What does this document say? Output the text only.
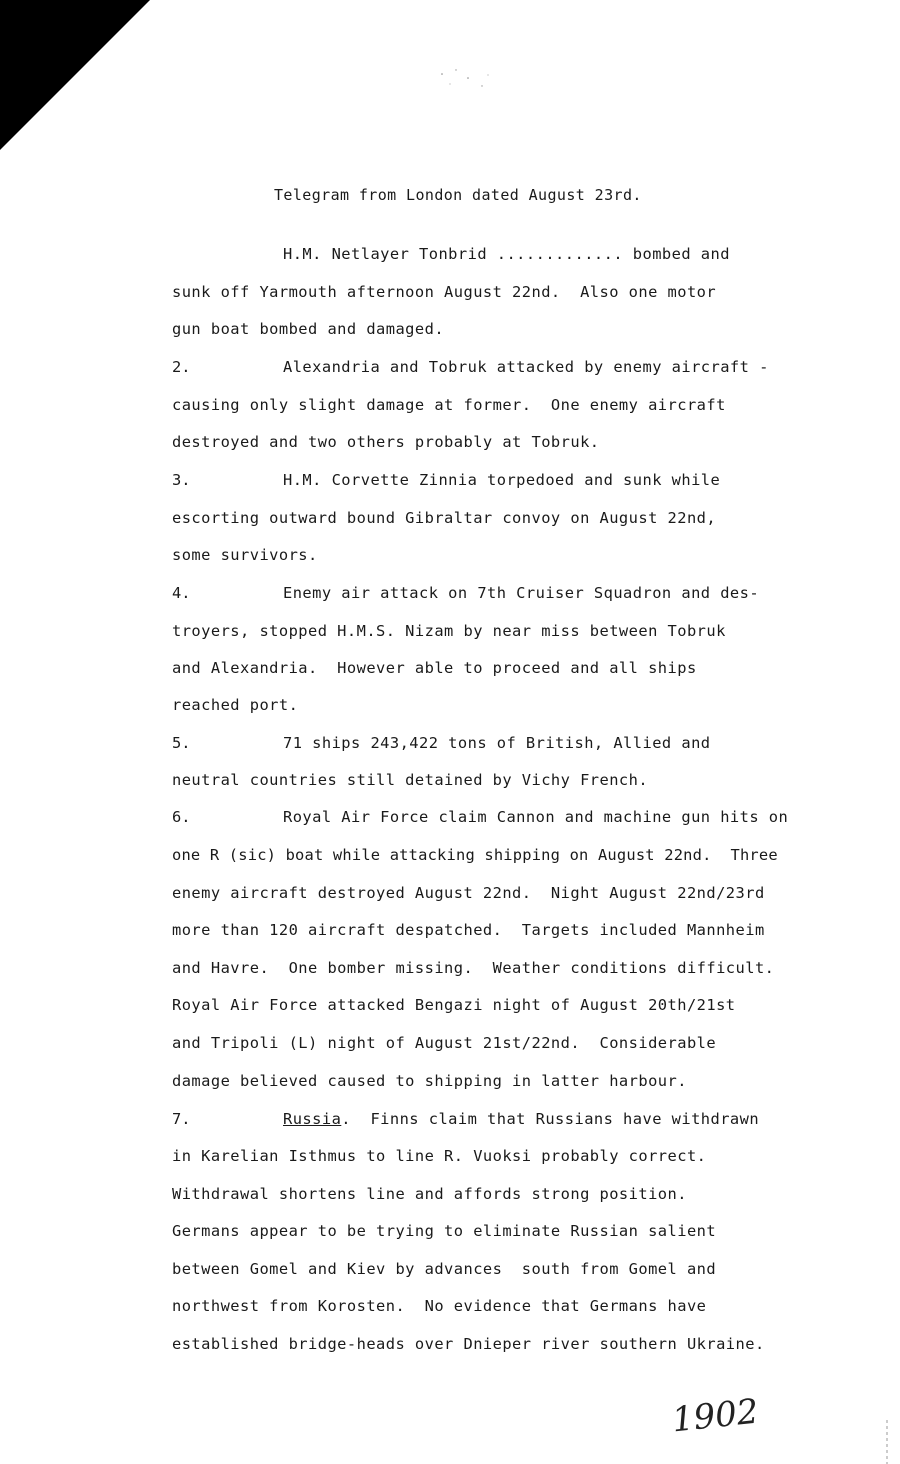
Telegram from London dated August 23rd.
H.M. Netlayer Tonbrid ............. bombed and
sunk off Yarmouth afternoon August 22nd.  Also one motor
gun boat bombed and damaged.
2.	Alexandria and Tobruk attacked by enemy aircraft -
causing only slight damage at former.  One enemy aircraft
destroyed and two others probably at Tobruk.
3.	H.M. Corvette Zinnia torpedoed and sunk while
escorting outward bound Gibraltar convoy on August 22nd,
some survivors.
4.	Enemy air attack on 7th Cruiser Squadron and des-
troyers, stopped H.M.S. Nizam by near miss between Tobruk
and Alexandria.  However able to proceed and all ships
reached port.
5.	71 ships 243,422 tons of British, Allied and
neutral countries still detained by Vichy French.
6.	Royal Air Force claim Cannon and machine gun hits on
one R (sic) boat while attacking shipping on August 22nd.  Three
enemy aircraft destroyed August 22nd.  Night August 22nd/23rd
more than 120 aircraft despatched.  Targets included Mannheim
and Havre.  One bomber missing.  Weather conditions difficult.
Royal Air Force attacked Bengazi night of August 20th/21st
and Tripoli (L) night of August 21st/22nd.  Considerable
damage believed caused to shipping in latter harbour.
7.	Russia.  Finns claim that Russians have withdrawn
in Karelian Isthmus to line R. Vuoksi probably correct.
Withdrawal shortens line and affords strong position.
Germans appear to be trying to eliminate Russian salient
between Gomel and Kiev by advances  south from Gomel and
northwest from Korosten.  No evidence that Germans have
established bridge-heads over Dnieper river southern Ukraine.
1902
